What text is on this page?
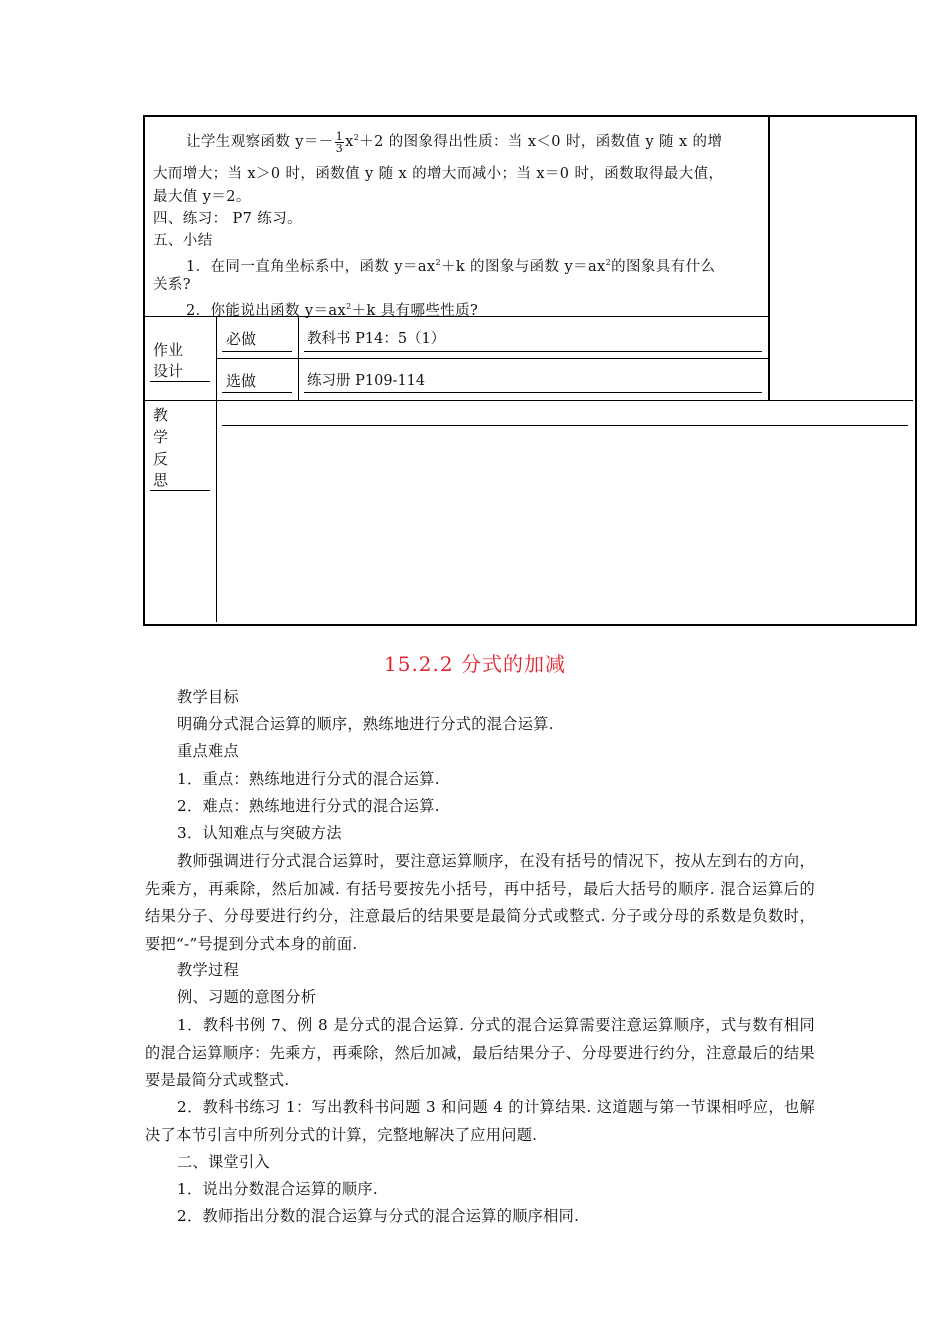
让学生观察函数 $y=- \frac{1}{3} x^2+2$ 的图象得出性质：当 x＜0 时，函数值 y 随 x 的增
大而增大；当 x＞0 时，函数值 y 随 x 的增大而减小；当 x＝0 时，函数取得最大值，
最大值 y＝2。
四、练习： P7 练习。
五、小结
1．在同一直角坐标系中，函数 $y=ax^2+k$ 的图象与函数 $y=ax^2$的图象具有什么
关系?
2．你能说出函数 $y=ax^2+k$ 具有哪些性质?
作业
设计
必做	教科书 P14：5（1）
选做	练习册 P109-114
教
学
反
思
15.2.2 分式的加减
教学目标
明确分式混合运算的顺序，熟练地进行分式的混合运算.
重点难点
1．重点：熟练地进行分式的混合运算.
2．难点：熟练地进行分式的混合运算.
3．认知难点与突破方法
教师强调进行分式混合运算时，要注意运算顺序，在没有括号的情况下，按从左到右的方向，先乘方，再乘除，然后加减. 有括号要按先小括号，再中括号，最后大括号的顺序. 混合运算后的结果分子、分母要进行约分，注意最后的结果要是最简分式或整式. 分子或分母的系数是负数时，要把“-”号提到分式本身的前面.
教学过程
例、习题的意图分析
1．教科书例 7、例 8 是分式的混合运算. 分式的混合运算需要注意运算顺序，式与数有相同的混合运算顺序：先乘方，再乘除，然后加减，最后结果分子、分母要进行约分，注意最后的结果要是最简分式或整式.
2．教科书练习 1：写出教科书问题 3 和问题 4 的计算结果. 这道题与第一节课相呼应，也解决了本节引言中所列分式的计算，完整地解决了应用问题.
二、课堂引入
1．说出分数混合运算的顺序.
2．教师指出分数的混合运算与分式的混合运算的顺序相同.
